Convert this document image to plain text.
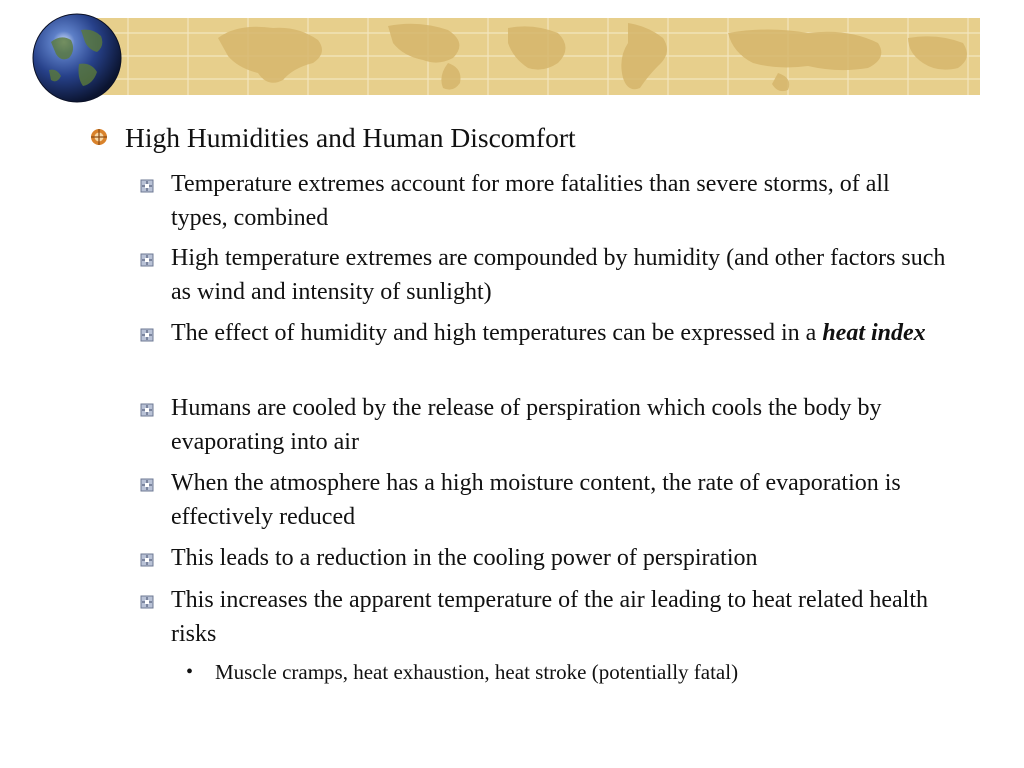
High Humidities and Human Discomfort
Temperature extremes account for more fatalities than severe storms, of all types, combined
High temperature extremes are compounded by humidity (and other factors such as wind and intensity of sunlight)
The effect of humidity and high temperatures can be expressed in a heat index
Humans are cooled by the release of perspiration which cools the body by evaporating into air
When the atmosphere has a high moisture content, the rate of evaporation is effectively reduced
This leads to a reduction in the cooling power of perspiration
This increases the apparent temperature of the air leading to heat related health risks
• Muscle cramps, heat exhaustion, heat stroke (potentially fatal)
